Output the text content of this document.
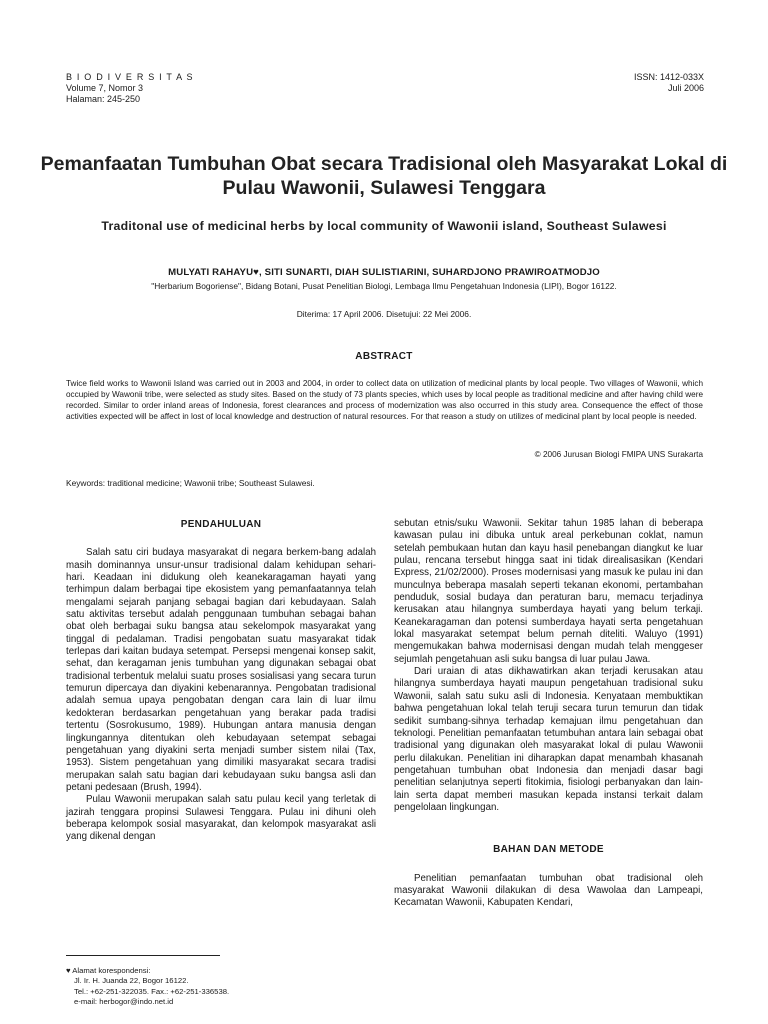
B I O D I V E R S I T A S
Volume 7, Nomor 3
Halaman: 245-250
ISSN: 1412-033X
Juli 2006
Pemanfaatan Tumbuhan Obat secara Tradisional oleh Masyarakat Lokal di Pulau Wawonii, Sulawesi Tenggara
Traditonal use of medicinal herbs by local community of Wawonii island, Southeast Sulawesi
MULYATI RAHAYU♥, SITI SUNARTI, DIAH SULISTIARINI, SUHARDJONO PRAWIROATMODJO
"Herbarium Bogoriense", Bidang Botani, Pusat Penelitian Biologi, Lembaga Ilmu Pengetahuan Indonesia (LIPI), Bogor 16122.
Diterima: 17 April 2006. Disetujui: 22 Mei 2006.
ABSTRACT
Twice field works to Wawonii Island was carried out in 2003 and 2004, in order to collect data on utilization of medicinal plants by local people. Two villages of Wawonii, which occupied by Wawonii tribe, were selected as study sites. Based on the study of 73 plants species, which uses by local people as traditional medicine and after having child were recorded. Similar to order inland areas of Indonesia, forest clearances and process of modernization was also occurred in this study area. Consequence the effect of those activities expected will be affect in lost of local knowledge and destruction of natural resources. For that reason a study on utilizes of medicinal plant by local people is needed.
© 2006 Jurusan Biologi FMIPA UNS Surakarta
Keywords: traditional medicine; Wawonii tribe; Southeast Sulawesi.
PENDAHULUAN

Salah satu ciri budaya masyarakat di negara berkem-bang adalah masih dominannya unsur-unsur tradisional dalam kehidupan sehari-hari. Keadaan ini didukung oleh keanekaragaman hayati yang terhimpun dalam berbagai tipe ekosistem yang pemanfaatannya telah mengalami sejarah panjang sebagai bagian dari kebudayaan. Salah satu aktivitas tersebut adalah penggunaan tumbuhan sebagai bahan obat oleh berbagai suku bangsa atau sekelompok masyarakat yang tinggal di pedalaman. Tradisi pengobatan suatu masyarakat tidak terlepas dari kaitan budaya setempat. Persepsi mengenai konsep sakit, sehat, dan keragaman jenis tumbuhan yang digunakan sebagai obat tradisional terbentuk melalui suatu proses sosialisasi yang secara turun temurun dipercaya dan diyakini kebenarannya. Pengobatan tradisional adalah semua upaya pengobatan dengan cara lain di luar ilmu kedokteran berdasarkan pengetahuan yang berakar pada tradisi tertentu (Sosrokusumo, 1989). Hubungan antara manusia dengan lingkungannya ditentukan oleh kebudayaan setempat sebagai pengetahuan yang diyakini serta menjadi sumber sistem nilai (Tax, 1953). Sistem pengetahuan yang dimiliki masyarakat secara tradisi merupakan salah satu bagian dari kebudayaan suku bangsa asli dan petani pedesaan (Brush, 1994).

Pulau Wawonii merupakan salah satu pulau kecil yang terletak di jazirah tenggara propinsi Sulawesi Tenggara. Pulau ini dihuni oleh beberapa kelompok sosial masyarakat, dan kelompok masyarakat asli yang dikenal dengan

sebutan etnis/suku Wawonii. Sekitar tahun 1985 lahan di beberapa kawasan pulau ini dibuka untuk areal perkebunan coklat, namun setelah pembukaan hutan dan kayu hasil penebangan diangkut ke luar pulau, rencana tersebut hingga saat ini tidak direalisasikan (Kendari Express, 21/02/2000). Proses modernisasi yang masuk ke pulau ini dan munculnya beberapa masalah seperti tekanan ekonomi, pertambahan penduduk, sosial budaya dan peraturan baru, memacu terjadinya kerusakan atau hilangnya sumberdaya hayati yang belum terkaji. Keanekaragaman dan potensi sumberdaya hayati serta pengetahuan lokal masyarakat setempat belum pernah diteliti. Waluyo (1991) mengemukakan bahwa modernisasi dengan mudah telah menggeser sejumlah pengetahuan asli suku bangsa di luar pulau Jawa.

Dari uraian di atas dikhawatirkan akan terjadi kerusakan atau hilangnya sumberdaya hayati maupun pengetahuan tradisional suku Wawonii, salah satu suku asli di Indonesia. Kenyataan membuktikan bahwa pengetahuan lokal telah teruji secara turun temurun dan tidak sedikit sumbang-sihnya terhadap kemajuan ilmu pengetahuan dan teknologi. Penelitian pemanfaatan tetumbuhan antara lain sebagai obat tradisional yang digunakan oleh masyarakat lokal di pulau Wawonii perlu dilakukan. Penelitian ini diharapkan dapat menambah khasanah pengetahuan tumbuhan obat Indonesia dan menjadi dasar bagi penelitian selanjutnya seperti fitokimia, fisiologi perbanyakan dan lain-lain serta dapat memberi masukan kepada instansi terkait dalam pengelolaan lingkungan.

BAHAN DAN METODE

Penelitian pemanfaatan tumbuhan obat tradisional oleh masyarakat Wawonii dilakukan di desa Wawolaa dan Lampeapi, Kecamatan Wawonii, Kabupaten Kendari,

♥ Alamat korespondensi:
Jl. Ir. H. Juanda 22, Bogor 16122.
Tel.: +62-251-322035. Fax.: +62-251-336538.
e-mail: herbogor@indo.net.id
